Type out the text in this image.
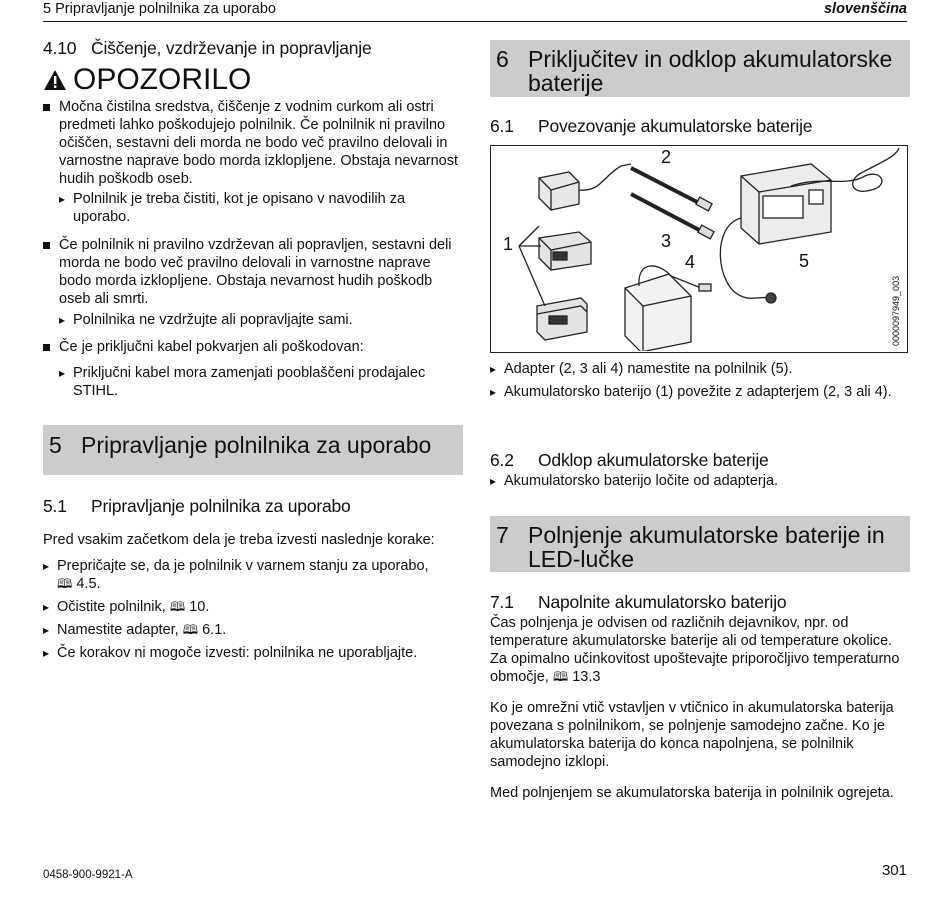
5 Pripravljanje polnilnika za uporabo	slovenščina
4.10 Čiščenje, vzdrževanje in popravljanje
OPOZORILO

Močna čistilna sredstva, čiščenje z vodnim curkom ali ostri predmeti lahko poškodujejo polnilnik. Če polnilnik ni pravilno očiščen, sestavni deli morda ne bodo več pravilno delovali in varnostne naprave bodo morda izklopljene. Obstaja nevarnost hudih poškodb oseb.

▸ Polnilnik je treba čistiti, kot je opisano v navodilih za uporabo.

Če polnilnik ni pravilno vzdrževan ali popravljen, sestavni deli morda ne bodo več pravilno delovali in varnostne naprave bodo morda izklopljene. Obstaja nevarnost hudih poškodb oseb ali smrti.

▸ Polnilnika ne vzdržujte ali popravljajte sami.

Če je priključni kabel pokvarjen ali poškodovan:

▸ Priključni kabel mora zamenjati pooblaščeni prodajalec STIHL.

5 Pripravljanje polnilnika za uporabo
5.1 Pripravljanje polnilnika za uporabo

Pred vsakim začetkom dela je treba izvesti naslednje korake:

▸ Prepričajte se, da je polnilnik v varnem stanju za uporabo,
🕮 4.5.

▸ Očistite polnilnik, 🕮 10.

▸ Namestite adapter, 🕮 6.1.

▸ Če korakov ni mogoče izvesti: polnilnika ne uporabljajte.

6 Priključitev in odklop akumulatorske baterije
6.1 Povezovanje akumulatorske baterije
1
2
3
4	5
0000097949_003

▸ Adapter (2, 3 ali 4) namestite na polnilnik (5).

▸ Akumulatorsko baterijo (1) povežite z adapterjem (2, 3 ali 4).

6.2 Odklop akumulatorske baterije

▸ Akumulatorsko baterijo ločite od adapterja.

7 Polnjenje akumulatorske baterije in LED-lučke
7.1 Napolnite akumulatorsko baterijo

Čas polnjenja je odvisen od različnih dejavnikov, npr. od temperature akumulatorske baterije ali od temperature okolice. Za opimalno učinkovitost upoštevajte priporočljivo temperaturno območje, 🕮 13.3

Ko je omrežni vtič vstavljen v vtičnico in akumulatorska baterija povezana s polnilnikom, se polnjenje samodejno začne. Ko je akumulatorska baterija do konca napolnjena, se polnilnik samodejno izklopi.

Med polnjenjem se akumulatorska baterija in polnilnik ogrejeta.

0458-900-9921-A	301
